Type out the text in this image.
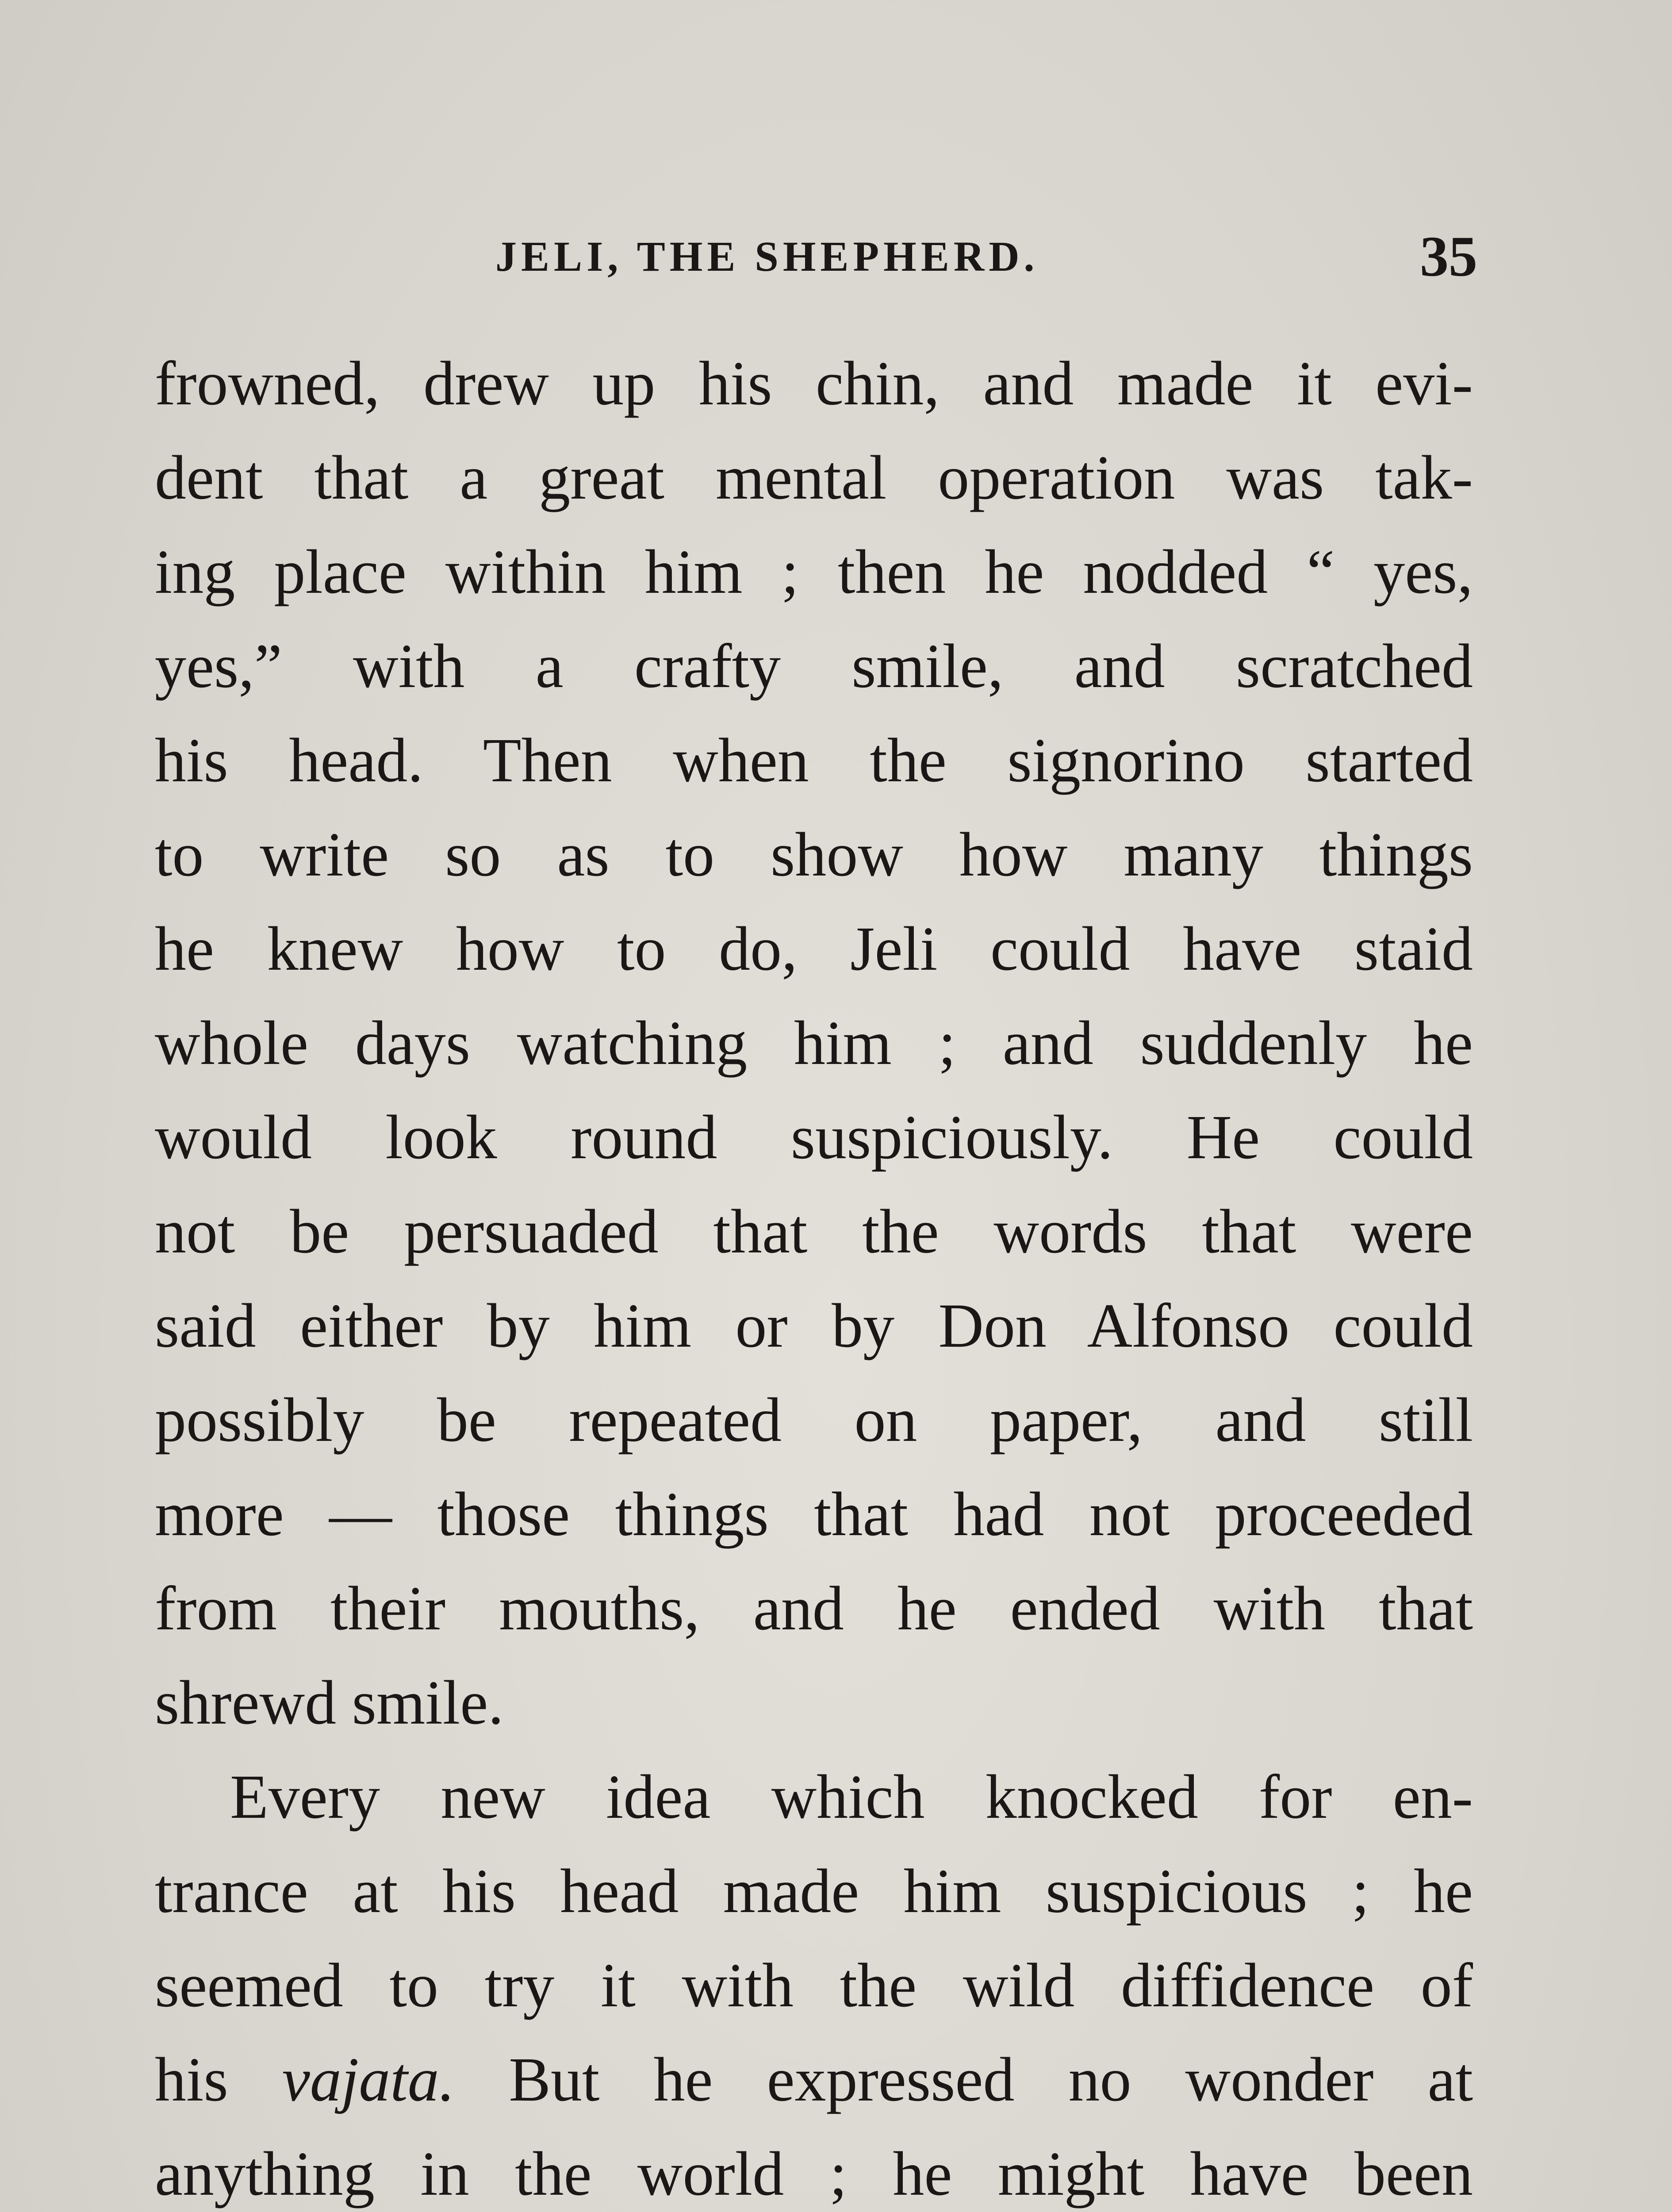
JELI, THE SHEPHERD.	35
frowned, drew up his chin, and made it evi-
dent that a great mental operation was tak-
ing place within him ; then he nodded “ yes,
yes,” with a crafty smile, and scratched
his head. Then when the signorino started
to write so as to show how many things
he knew how to do, Jeli could have staid
whole days watching him ; and suddenly he
would look round suspiciously. He could
not be persuaded that the words that were
said either by him or by Don Alfonso could
possibly be repeated on paper, and still
more — those things that had not proceeded
from their mouths, and he ended with that
shrewd smile.
Every new idea which knocked for en-
trance at his head made him suspicious ; he
seemed to try it with the wild diffidence of
his vajata. But he expressed no wonder at
anything in the world ; he might have been
